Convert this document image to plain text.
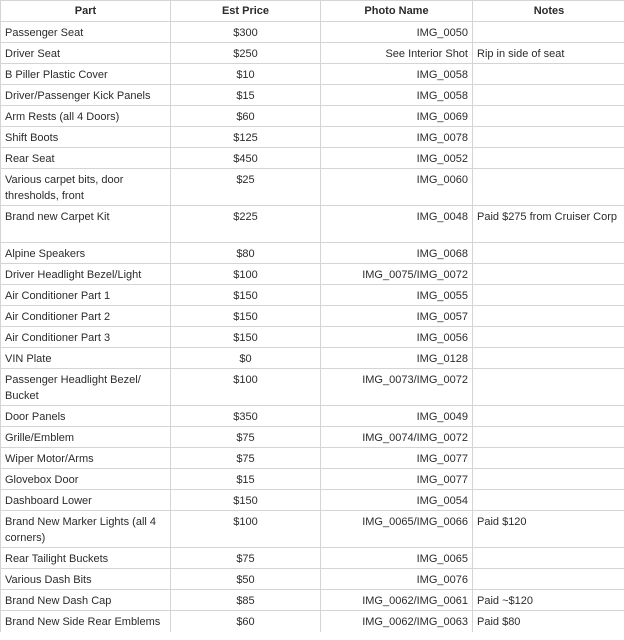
Part	Est Price	Photo Name	Notes
Passenger Seat	$300	IMG_0050	
Driver Seat	$250	See Interior Shot	Rip in side of seat
B Piller Plastic Cover	$10	IMG_0058	
Driver/Passenger Kick Panels	$15	IMG_0058	
Arm Rests (all 4 Doors)	$60	IMG_0069	
Shift Boots	$125	IMG_0078	
Rear Seat	$450	IMG_0052	
Various carpet bits, door thresholds, front	$25	IMG_0060	
Brand new Carpet Kit	$225	IMG_0048	Paid $275 from Cruiser Corp
Alpine Speakers	$80	IMG_0068	
Driver Headlight Bezel/Light	$100	IMG_0075/IMG_0072	
Air Conditioner Part 1	$150	IMG_0055	
Air Conditioner Part 2	$150	IMG_0057	
Air Conditioner Part 3	$150	IMG_0056	
VIN Plate	$0	IMG_0128	
Passenger Headlight Bezel/ Bucket	$100	IMG_0073/IMG_0072	
Door Panels	$350	IMG_0049	
Grille/Emblem	$75	IMG_0074/IMG_0072	
Wiper Motor/Arms	$75	IMG_0077	
Glovebox Door	$15	IMG_0077	
Dashboard Lower	$150	IMG_0054	
Brand New Marker Lights (all 4 corners)	$100	IMG_0065/IMG_0066	Paid $120
Rear Tailight Buckets	$75	IMG_0065	
Various Dash Bits	$50	IMG_0076	
Brand New Dash Cap	$85	IMG_0062/IMG_0061	Paid ~$120
Brand New Side Rear Emblems	$60	IMG_0062/IMG_0063	Paid $80
